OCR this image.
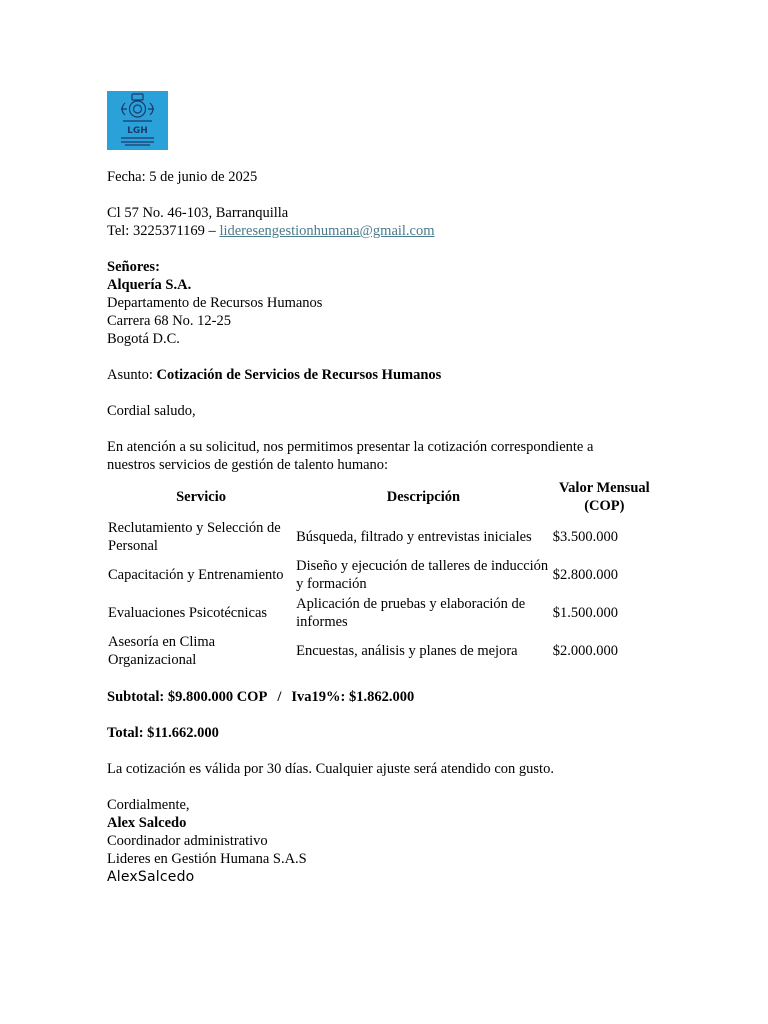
LGH
Fecha: 5 de junio de 2025
Cl 57 No. 46-103, Barranquilla
Tel: 3225371169 – lideresengestionhumana@gmail.com
Señores:
Alquería S.A.
Departamento de Recursos Humanos
Carrera 68 No. 12-25
Bogotá D.C.
Asunto: Cotización de Servicios de Recursos Humanos
Cordial saludo,
En atención a su solicitud, nos permitimos presentar la cotización correspondiente a
nuestros servicios de gestión de talento humano:
Servicio	Descripción	Valor Mensual (COP)
Reclutamiento y Selección de Personal	Búsqueda, filtrado y entrevistas iniciales	$3.500.000
Capacitación y Entrenamiento	Diseño y ejecución de talleres de inducción y formación	$2.800.000
Evaluaciones Psicotécnicas	Aplicación de pruebas y elaboración de informes	$1.500.000
Asesoría en Clima Organizacional	Encuestas, análisis y planes de mejora	$2.000.000
Subtotal: $9.800.000 COP / Iva19%: $1.862.000
Total: $11.662.000
La cotización es válida por 30 días. Cualquier ajuste será atendido con gusto.
Cordialmente,
Alex Salcedo
Coordinador administrativo
Lideres en Gestión Humana S.A.S
AlexSalcedo
